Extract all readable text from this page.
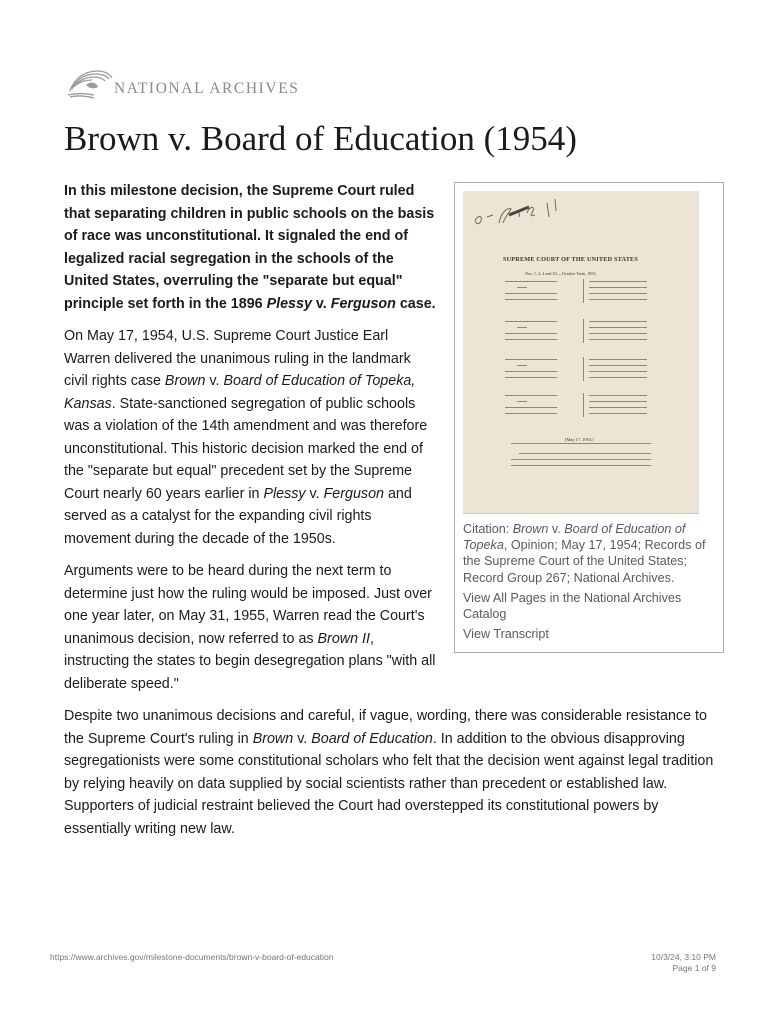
NATIONAL ARCHIVES
Brown v. Board of Education (1954)
SUPREME COURT OF THE UNITED STATES
Nos. 1, 2, 4 and 10.—October Term, 1953.
[May 17, 1954.]

Citation: Brown v. Board of Education of Topeka, Opinion; May 17, 1954; Records of the Supreme Court of the United States; Record Group 267; National Archives.

View All Pages in the National Archives Catalog
View Transcript

In this milestone decision, the Supreme Court ruled that separating children in public schools on the basis of race was unconstitutional. It signaled the end of legalized racial segregation in the schools of the United States, overruling the "separate but equal" principle set forth in the 1896 Plessy v. Ferguson case.

On May 17, 1954, U.S. Supreme Court Justice Earl Warren delivered the unanimous ruling in the landmark civil rights case Brown v. Board of Education of Topeka, Kansas. State-sanctioned segregation of public schools was a violation of the 14th amendment and was therefore unconstitutional. This historic decision marked the end of the "separate but equal" precedent set by the Supreme Court nearly 60 years earlier in Plessy v. Ferguson and served as a catalyst for the expanding civil rights movement during the decade of the 1950s.

Arguments were to be heard during the next term to determine just how the ruling would be imposed. Just over one year later, on May 31, 1955, Warren read the Court's unanimous decision, now referred to as Brown II, instructing the states to begin desegregation plans "with all deliberate speed."

Despite two unanimous decisions and careful, if vague, wording, there was considerable resistance to the Supreme Court's ruling in Brown v. Board of Education. In addition to the obvious disapproving segregationists were some constitutional scholars who felt that the decision went against legal tradition by relying heavily on data supplied by social scientists rather than precedent or established law. Supporters of judicial restraint believed the Court had overstepped its constitutional powers by essentially writing new law.

https://www.archives.gov/milestone-documents/brown-v-board-of-education	10/3/24, 3:10 PM
Page 1 of 9
